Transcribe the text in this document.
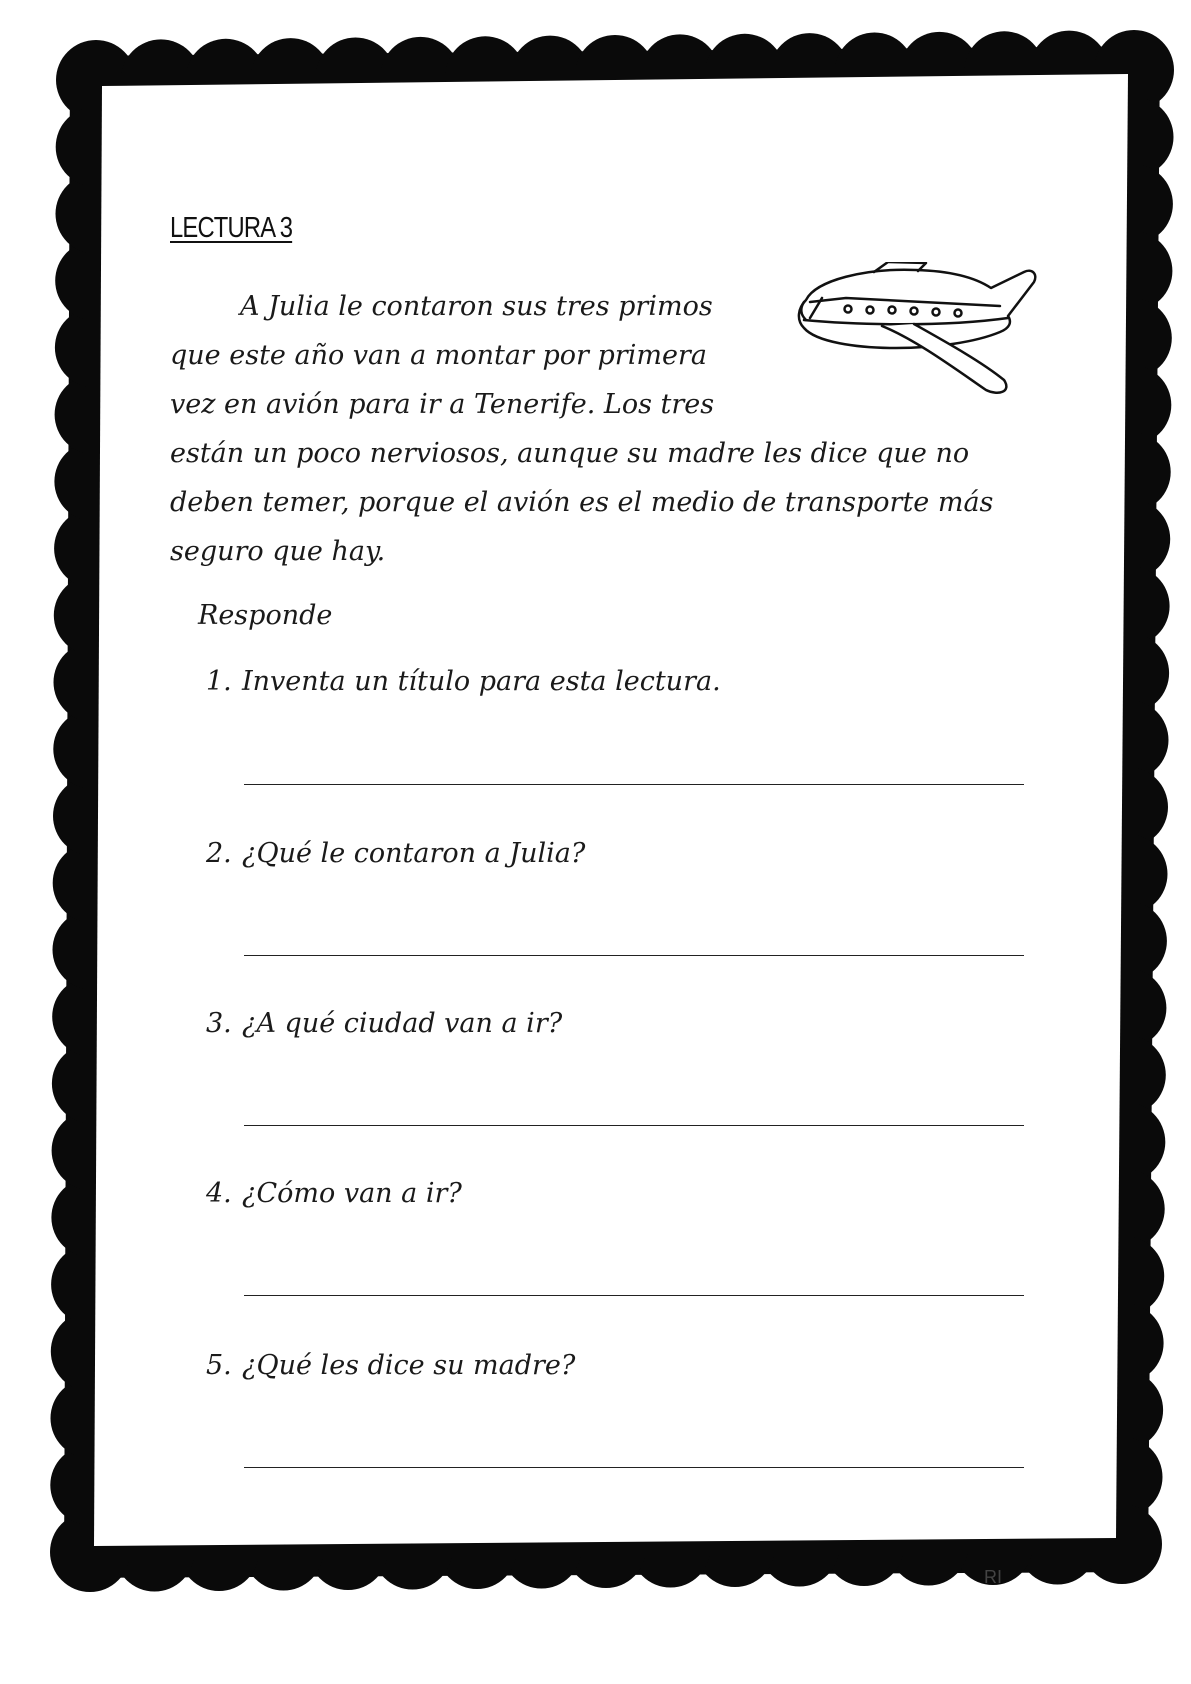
LECTURA 3
A Julia le contaron sus tres primos
que este año van a montar por primera
vez en avión para ir a Tenerife. Los tres
están un poco nerviosos, aunque su madre les dice que no
deben temer, porque el avión es el medio de transporte más
seguro que hay.
Responde
1. Inventa un título para esta lectura.
2. ¿Qué le contaron a Julia?
3. ¿A qué ciudad van a ir?
4. ¿Cómo van a ir?
5. ¿Qué les dice su madre?
RI
